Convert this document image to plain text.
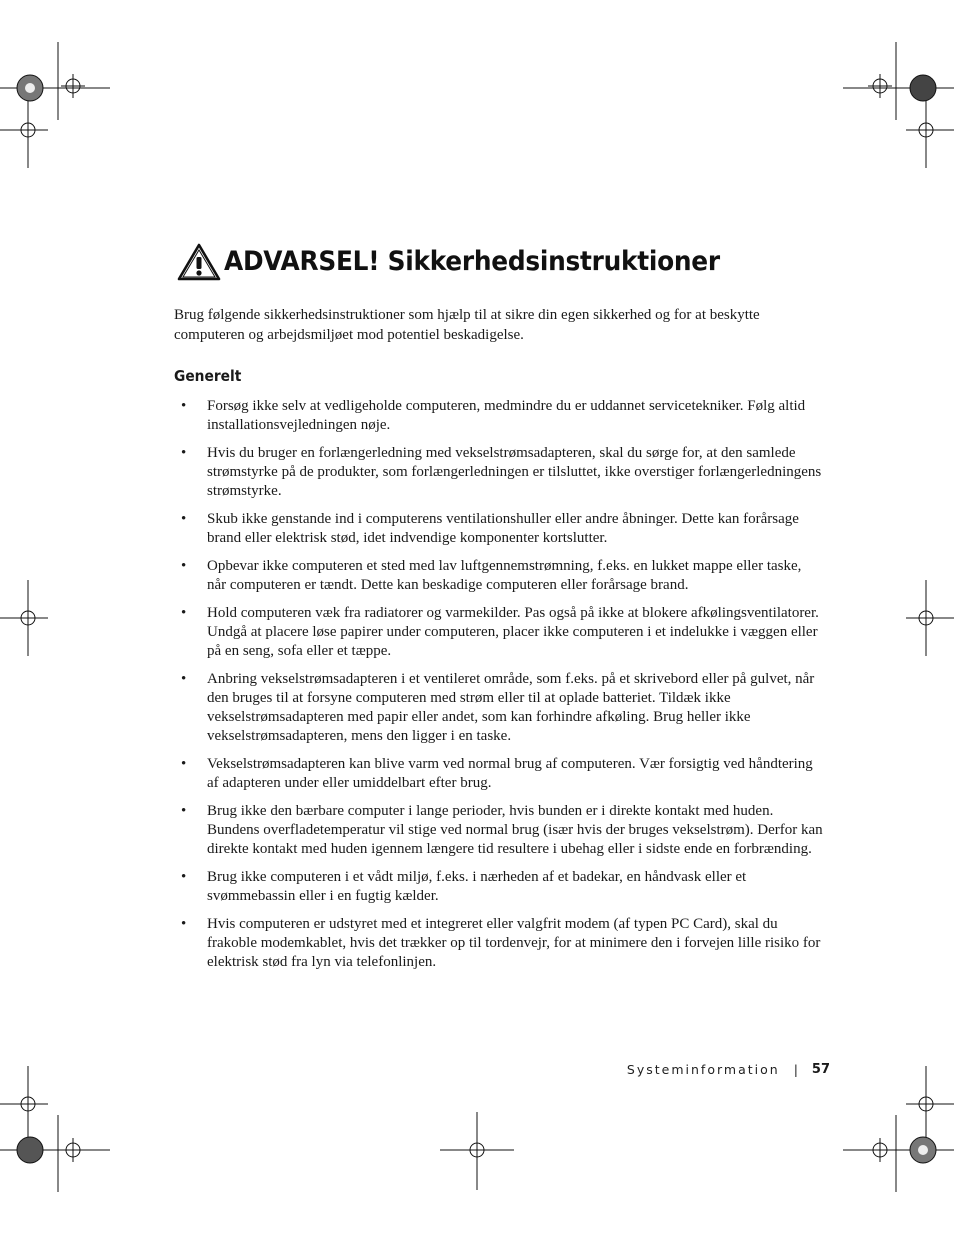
ADVARSEL! Sikkerhedsinstruktioner

Brug følgende sikkerhedsinstruktioner som hjælp til at sikre din egen sikkerhed og for at beskytte computeren og arbejdsmiljøet mod potentiel beskadigelse.

Generelt
• Forsøg ikke selv at vedligeholde computeren, medmindre du er uddannet servicetekniker. Følg altid installationsvejledningen nøje.
• Hvis du bruger en forlængerledning med vekselstrømsadapteren, skal du sørge for, at den samlede strømstyrke på de produkter, som forlængerledningen er tilsluttet, ikke overstiger forlængerledningens strømstyrke.
• Skub ikke genstande ind i computerens ventilationshuller eller andre åbninger. Dette kan forårsage brand eller elektrisk stød, idet indvendige komponenter kortslutter.
• Opbevar ikke computeren et sted med lav luftgennemstrømning, f.eks. en lukket mappe eller taske, når computeren er tændt. Dette kan beskadige computeren eller forårsage brand.
• Hold computeren væk fra radiatorer og varmekilder. Pas også på ikke at blokere afkølingsventilatorer. Undgå at placere løse papirer under computeren, placer ikke computeren i et indelukke i væggen eller på en seng, sofa eller et tæppe.
• Anbring vekselstrømsadapteren i et ventileret område, som f.eks. på et skrivebord eller på gulvet, når den bruges til at forsyne computeren med strøm eller til at oplade batteriet. Tildæk ikke vekselstrømsadapteren med papir eller andet, som kan forhindre afkøling. Brug heller ikke vekselstrømsadapteren, mens den ligger i en taske.
• Vekselstrømsadapteren kan blive varm ved normal brug af computeren. Vær forsigtig ved håndtering af adapteren under eller umiddelbart efter brug.
• Brug ikke den bærbare computer i lange perioder, hvis bunden er i direkte kontakt med huden. Bundens overfladetemperatur vil stige ved normal brug (især hvis der bruges vekselstrøm). Derfor kan direkte kontakt med huden igennem længere tid resultere i ubehag eller i sidste ende en forbrænding.
• Brug ikke computeren i et vådt miljø, f.eks. i nærheden af et badekar, en håndvask eller et svømmebassin eller i en fugtig kælder.
• Hvis computeren er udstyret med et integreret eller valgfrit modem (af typen PC Card), skal du frakoble modemkablet, hvis det trækker op til tordenvejr, for at minimere den i forvejen lille risiko for elektrisk stød fra lyn via telefonlinjen.
Systeminformation | 57
